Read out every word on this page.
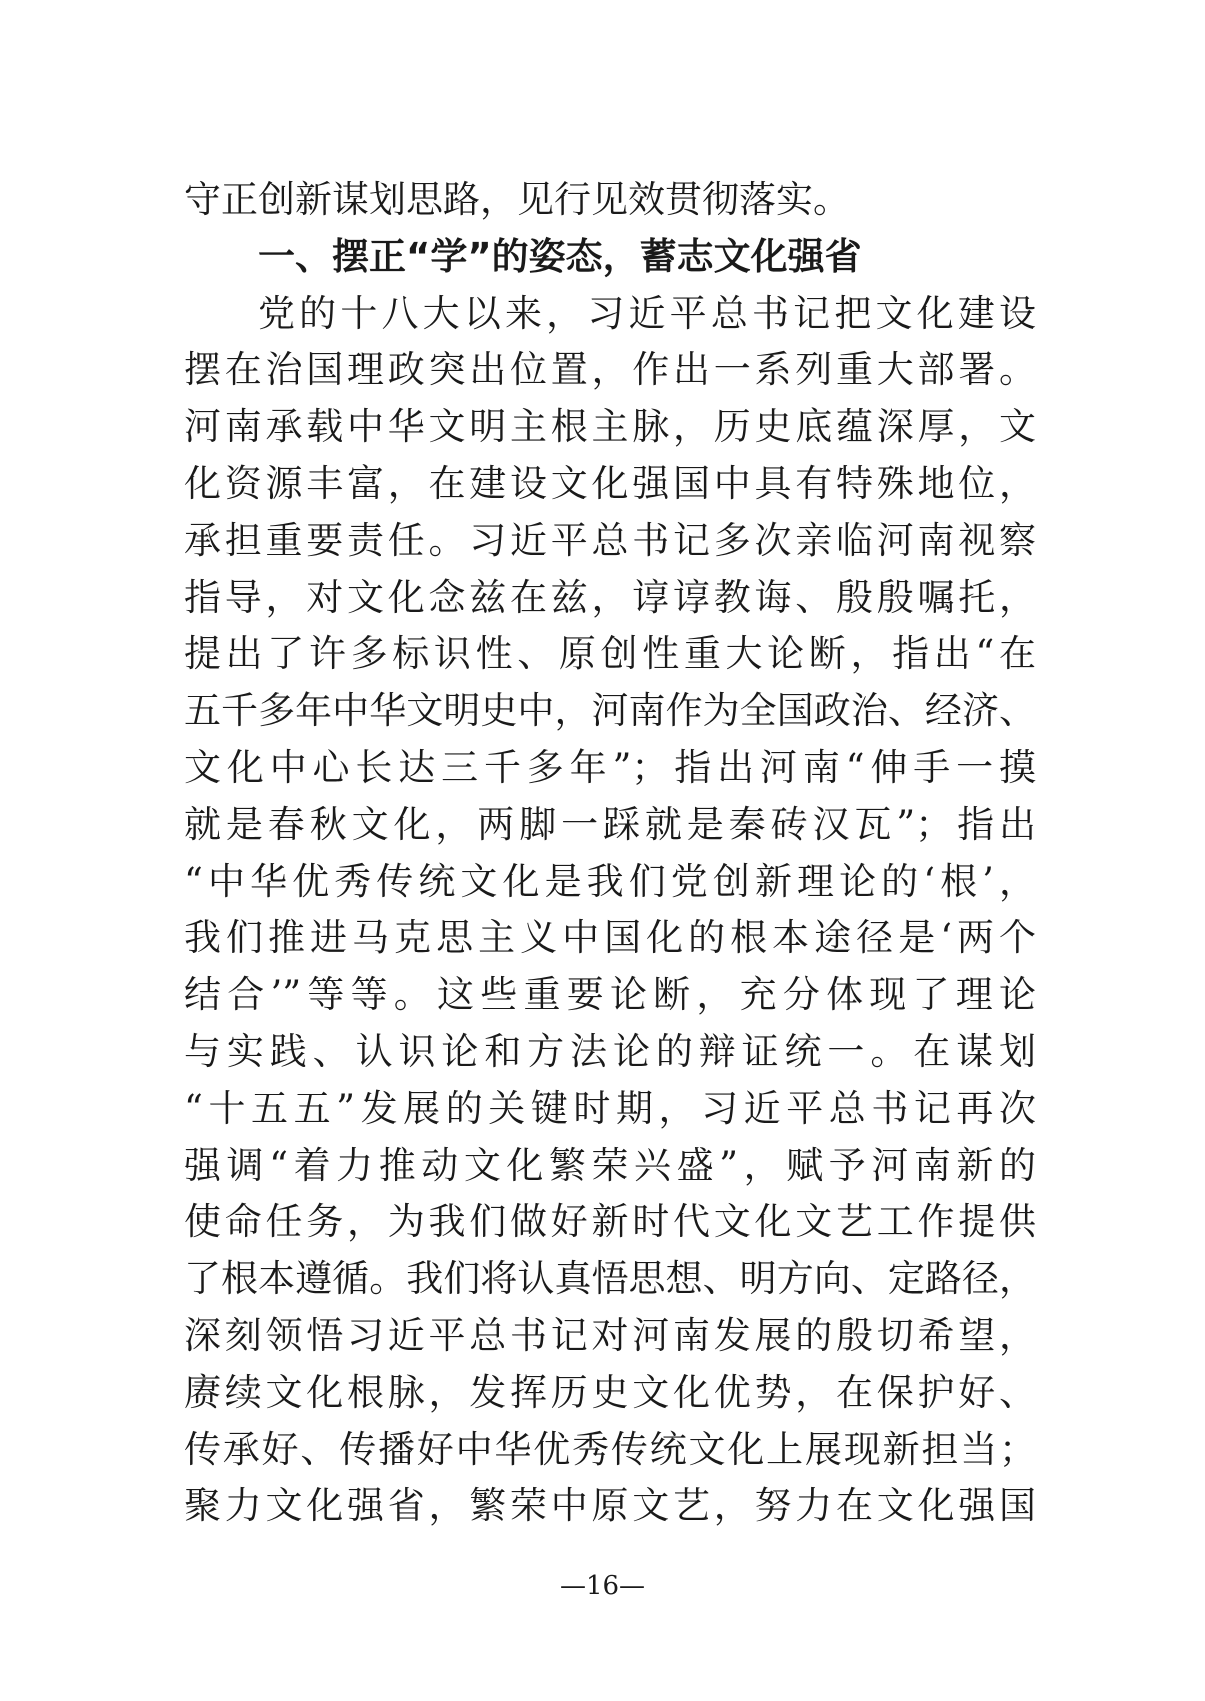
守正创新谋划思路，见行见效贯彻落实。
一、摆正“学”的姿态，蓄志文化强省
党的十八大以来，习近平总书记把文化建设
摆在治国理政突出位置，作出一系列重大部署。
河南承载中华文明主根主脉，历史底蕴深厚，文
化资源丰富，在建设文化强国中具有特殊地位，
承担重要责任。习近平总书记多次亲临河南视察
指导，对文化念兹在兹，谆谆教诲、殷殷嘱托，
提出了许多标识性、原创性重大论断，指出“在
五千多年中华文明史中，河南作为全国政治、经济、
文化中心长达三千多年”；指出河南“伸手一摸
就是春秋文化，两脚一踩就是秦砖汉瓦”；指出
“中华优秀传统文化是我们党创新理论的‘根’，
我们推进马克思主义中国化的根本途径是‘两个
结合’”等等。这些重要论断，充分体现了理论
与实践、认识论和方法论的辩证统一。在谋划
“十五五”发展的关键时期，习近平总书记再次
强调“着力推动文化繁荣兴盛”，赋予河南新的
使命任务，为我们做好新时代文化文艺工作提供
了根本遵循。我们将认真悟思想、明方向、定路径，
深刻领悟习近平总书记对河南发展的殷切希望，
赓续文化根脉，发挥历史文化优势，在保护好、
传承好、传播好中华优秀传统文化上展现新担当；
聚力文化强省，繁荣中原文艺，努力在文化强国
—16—
